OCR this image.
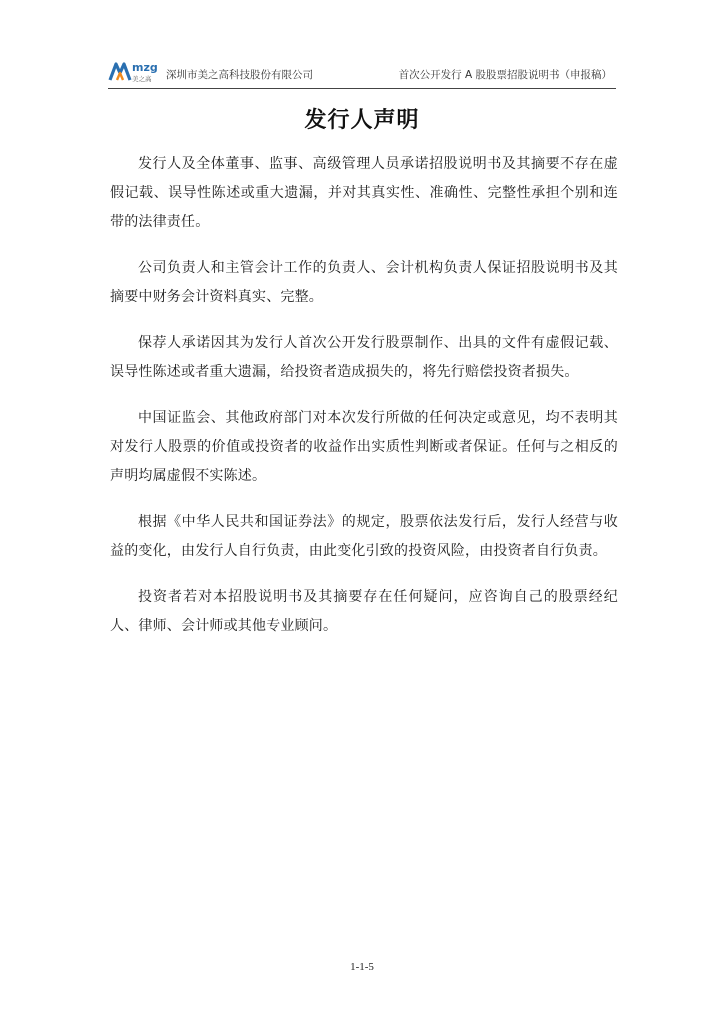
mzg
美之高 深圳市美之高科技股份有限公司	首次公开发行 A 股股票招股说明书（申报稿）
发行人声明

发行人及全体董事、监事、高级管理人员承诺招股说明书及其摘要不存在虚假记载、误导性陈述或重大遗漏，并对其真实性、准确性、完整性承担个别和连带的法律责任。

公司负责人和主管会计工作的负责人、会计机构负责人保证招股说明书及其摘要中财务会计资料真实、完整。

保荐人承诺因其为发行人首次公开发行股票制作、出具的文件有虚假记载、误导性陈述或者重大遗漏，给投资者造成损失的，将先行赔偿投资者损失。

中国证监会、其他政府部门对本次发行所做的任何决定或意见，均不表明其对发行人股票的价值或投资者的收益作出实质性判断或者保证。任何与之相反的声明均属虚假不实陈述。

根据《中华人民共和国证券法》的规定，股票依法发行后，发行人经营与收益的变化，由发行人自行负责，由此变化引致的投资风险，由投资者自行负责。

投资者若对本招股说明书及其摘要存在任何疑问，应咨询自己的股票经纪人、律师、会计师或其他专业顾问。

1-1-5
